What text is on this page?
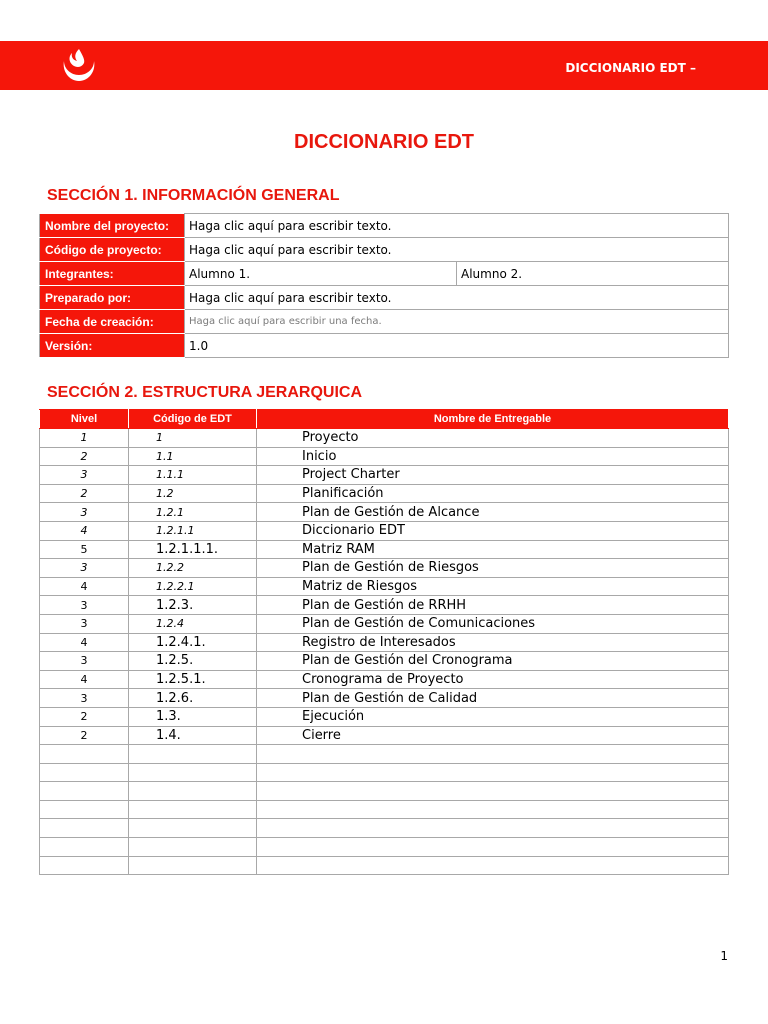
DICCIONARIO EDT –
DICCIONARIO EDT
SECCIÓN 1. INFORMACIÓN GENERAL
Nombre del proyecto:	Haga clic aquí para escribir texto.	
Código de proyecto:	Haga clic aquí para escribir texto.	
Integrantes:	Alumno 1.	Alumno 2.
Preparado por:	Haga clic aquí para escribir texto.	
Fecha de creación:	Haga clic aquí para escribir una fecha.	
Versión:	1.0	
SECCIÓN 2. ESTRUCTURA JERARQUICA
Nivel	Código de EDT	Nombre de Entregable
1	1	Proyecto
2	1.1	Inicio
3	1.1.1	Project Charter
2	1.2	Planificación
3	1.2.1	Plan de Gestión de Alcance
4	1.2.1.1	Diccionario EDT
5	1.2.1.1.1.	Matriz RAM
3	1.2.2	Plan de Gestión de Riesgos
4	1.2.2.1	Matriz de Riesgos
3	1.2.3.	Plan de Gestión de RRHH
3	1.2.4	Plan de Gestión de Comunicaciones
4	1.2.4.1.	Registro de Interesados
3	1.2.5.	Plan de Gestión del Cronograma
4	1.2.5.1.	Cronograma de Proyecto
3	1.2.6.	Plan de Gestión de Calidad
2	1.3.	Ejecución
2	1.4.	Cierre

1
